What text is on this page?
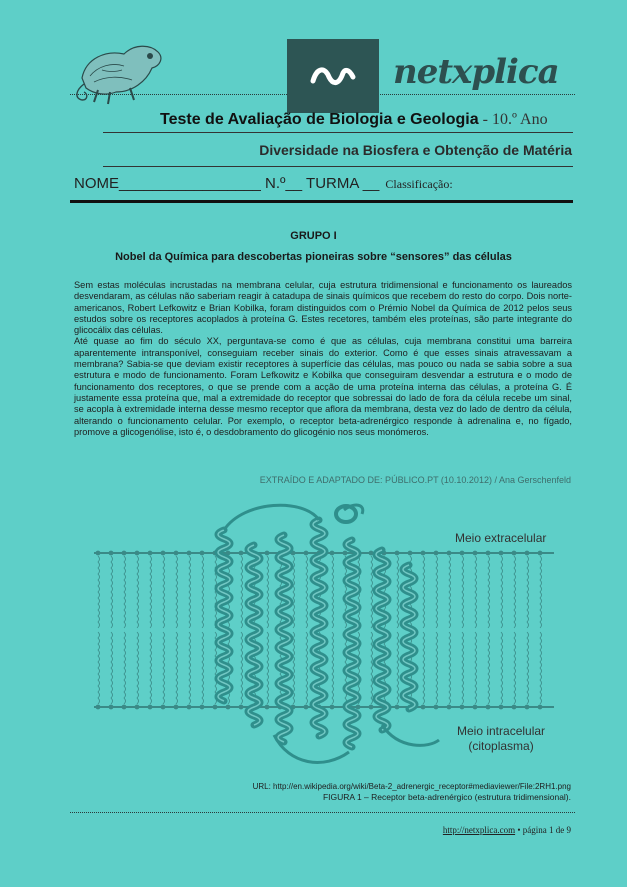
netxplica
Teste de Avaliação de Biologia e Geologia - 10.º Ano
Diversidade na Biosfera e Obtenção de Matéria
NOME_________________ N.º__ TURMA __ Classificação:
GRUPO I
Nobel da Química para descobertas pioneiras sobre “sensores” das células

Sem estas moléculas incrustadas na membrana celular, cuja estrutura tridimensional e funcionamento os laureados desvendaram, as células não saberiam reagir à catadupa de sinais químicos que recebem do resto do corpo. Dois norte-americanos, Robert Lefkowitz e Brian Kobilka, foram distinguidos com o Prémio Nobel da Química de 2012 pelos seus estudos sobre os receptores acoplados à proteína G. Estes recetores, também eles proteínas, são parte integrante do glicocálix das células.

Até quase ao fim do século XX, perguntava-se como é que as células, cuja membrana constitui uma barreira aparentemente intransponível, conseguiam receber sinais do exterior. Como é que esses sinais atravessavam a membrana? Sabia-se que deviam existir receptores à superfície das células, mas pouco ou nada se sabia sobre a sua estrutura e modo de funcionamento. Foram Lefkowitz e Kobilka que conseguiram desvendar a estrutura e o modo de funcionamento dos receptores, o que se prende com a acção de uma proteína interna das células, a proteína G. É justamente essa proteína que, mal a extremidade do receptor que sobressai do lado de fora da célula recebe um sinal, se acopla à extremidade interna desse mesmo receptor que aflora da membrana, desta vez do lado de dentro da célula, alterando o funcionamento celular. Por exemplo, o receptor beta-adrenérgico responde à adrenalina e, no fígado, promove a glicogenólise, isto é, o desdobramento do glicogénio nos seus monómeros.

EXTRAÍDO E ADAPTADO DE: PÚBLICO.PT (10.10.2012) / Ana Gerschenfeld
Meio extracelular
Meio intracelular
(citoplasma)
URL: http://en.wikipedia.org/wiki/Beta-2_adrenergic_receptor#mediaviewer/File:2RH1.png
FIGURA 1 – Receptor beta-adrenérgico (estrutura tridimensional).
http://netxplica.com • página 1 de 9
